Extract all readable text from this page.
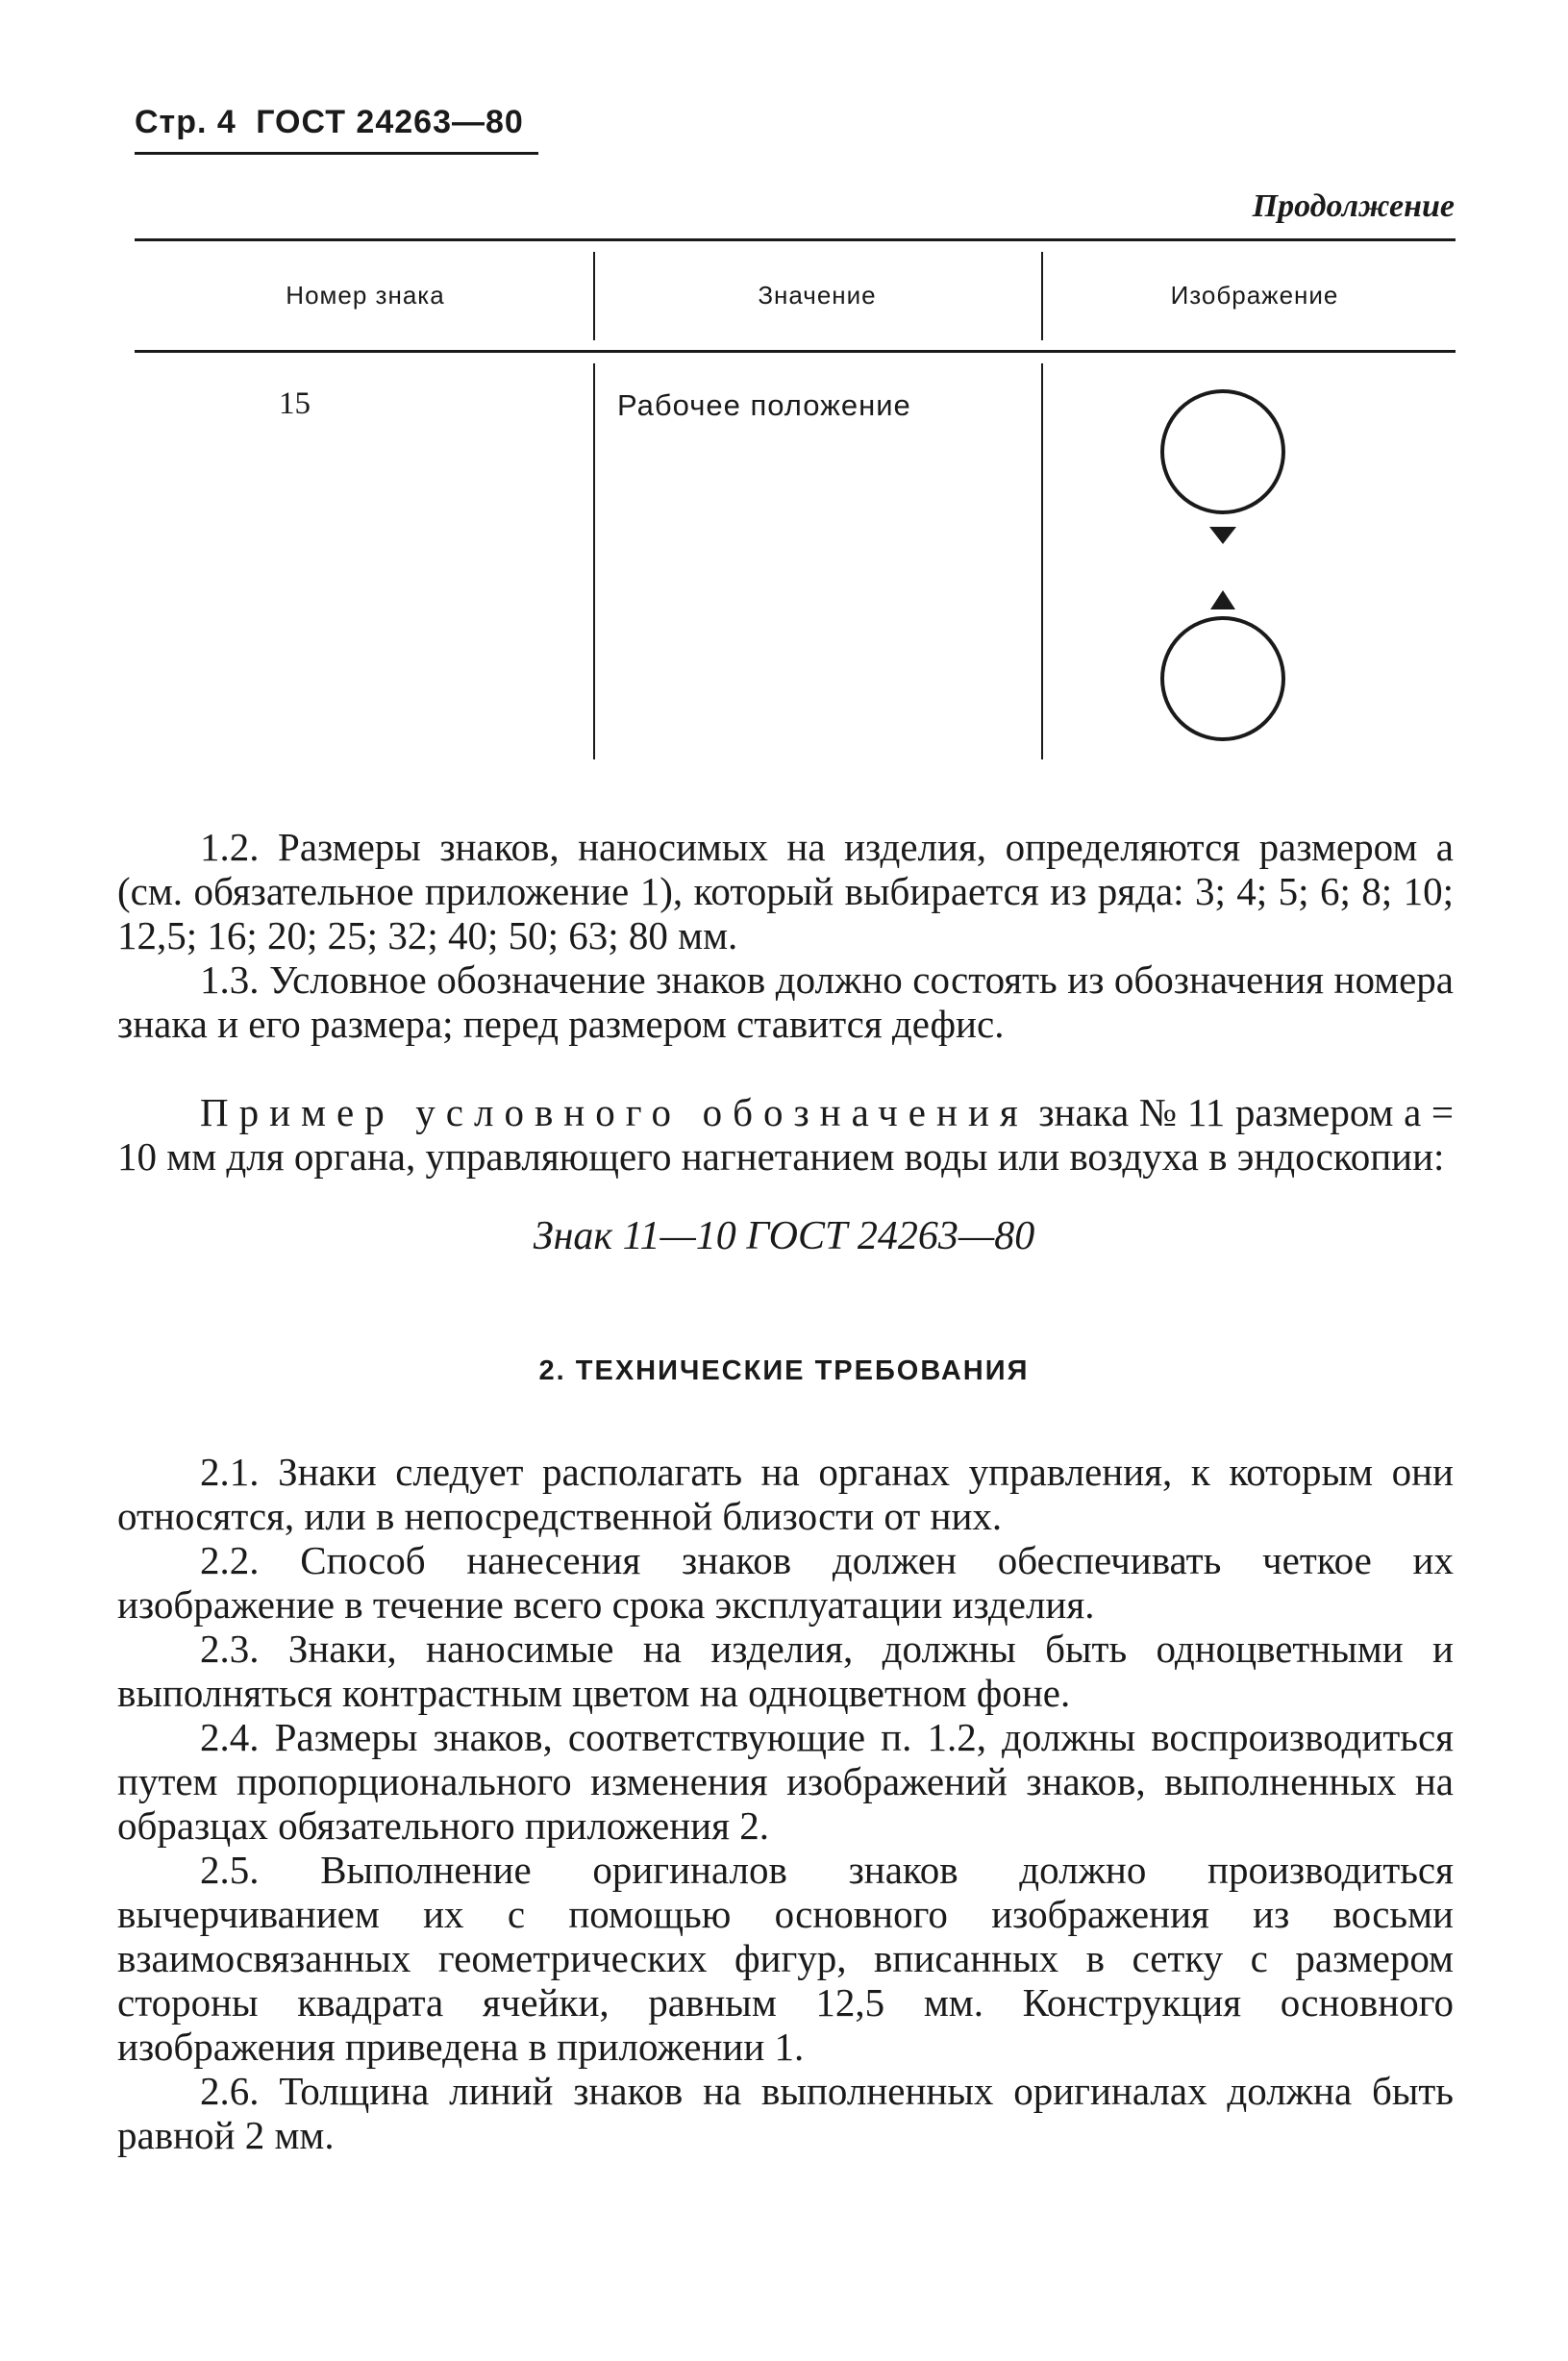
Стр. 4 ГОСТ 24263—80
Продолжение
Номер знака	Значение	Изображение
15	Рабочее положение
1.2. Размеры знаков, наносимых на изделия, определяются размером a (см. обязательное приложение 1), который выбирается из ряда: 3; 4; 5; 6; 8; 10; 12,5; 16; 20; 25; 32; 40; 50; 63; 80 мм.
1.3. Условное обозначение знаков должно состоять из обозначения номера знака и его размера; перед размером ставится дефис.
Пример условного обозначения знака № 11 размером a = 10 мм для органа, управляющего нагнетанием воды или воздуха в эндоскопии:
Знак 11—10 ГОСТ 24263—80
2. ТЕХНИЧЕСКИЕ ТРЕБОВАНИЯ
2.1. Знаки следует располагать на органах управления, к которым они относятся, или в непосредственной близости от них.
2.2. Способ нанесения знаков должен обеспечивать четкое их изображение в течение всего срока эксплуатации изделия.
2.3. Знаки, наносимые на изделия, должны быть одноцветными и выполняться контрастным цветом на одноцветном фоне.
2.4. Размеры знаков, соответствующие п. 1.2, должны воспроизводиться путем пропорционального изменения изображений знаков, выполненных на образцах обязательного приложения 2.
2.5. Выполнение оригиналов знаков должно производиться вычерчиванием их с помощью основного изображения из восьми взаимосвязанных геометрических фигур, вписанных в сетку с размером стороны квадрата ячейки, равным 12,5 мм. Конструкция основного изображения приведена в приложении 1.
2.6. Толщина линий знаков на выполненных оригиналах должна быть равной 2 мм.
